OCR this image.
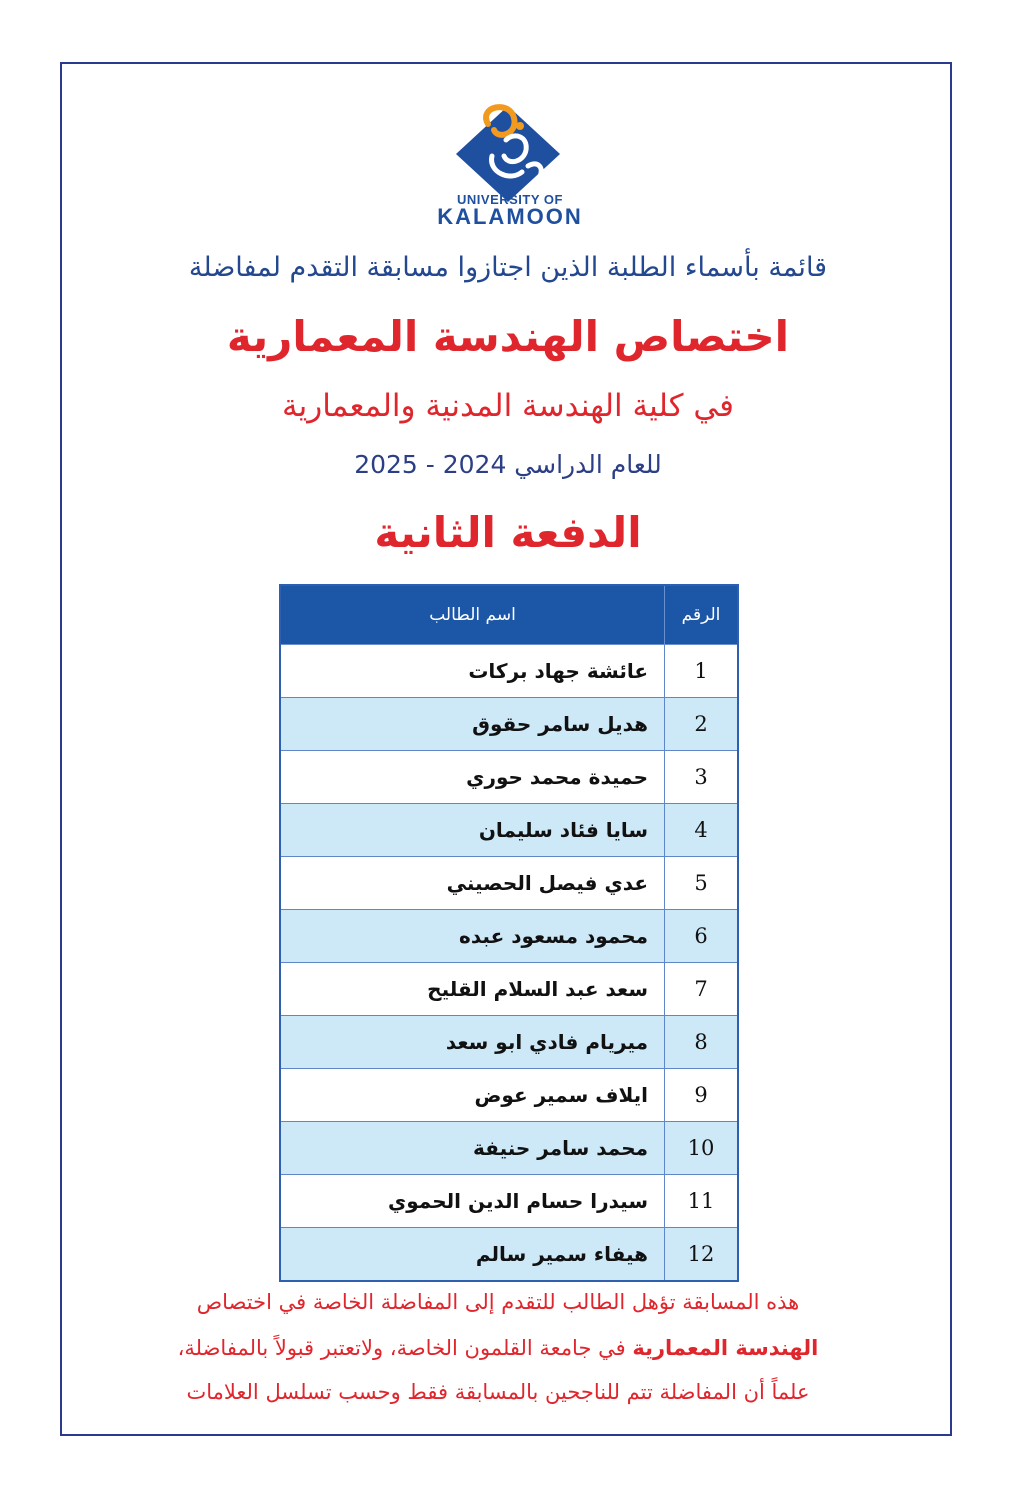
UNIVERSITY OF
KALAMOON
قائمة بأسماء الطلبة الذين اجتازوا مسابقة التقدم لمفاضلة
اختصاص الهندسة المعمارية
في كلية الهندسة المدنية والمعمارية
للعام الدراسي 2024 - 2025
الدفعة الثانية
الرقم	اسم الطالب
1	عائشة جهاد بركات
2	هديل سامر حقوق
3	حميدة محمد حوري
4	سايا فئاد سليمان
5	عدي فيصل الحصيني
6	محمود مسعود عبده
7	سعد عبد السلام القليح
8	ميريام فادي ابو سعد
9	ايلاف سمير عوض
10	محمد سامر حنيفة
11	سيدرا حسام الدين الحموي
12	هيفاء سمير سالم
هذه المسابقة تؤهل الطالب للتقدم إلى المفاضلة الخاصة في اختصاص
الهندسة المعمارية في جامعة القلمون الخاصة، ولاتعتبر قبولاً بالمفاضلة،
علماً أن المفاضلة تتم للناجحين بالمسابقة فقط وحسب تسلسل العلامات
